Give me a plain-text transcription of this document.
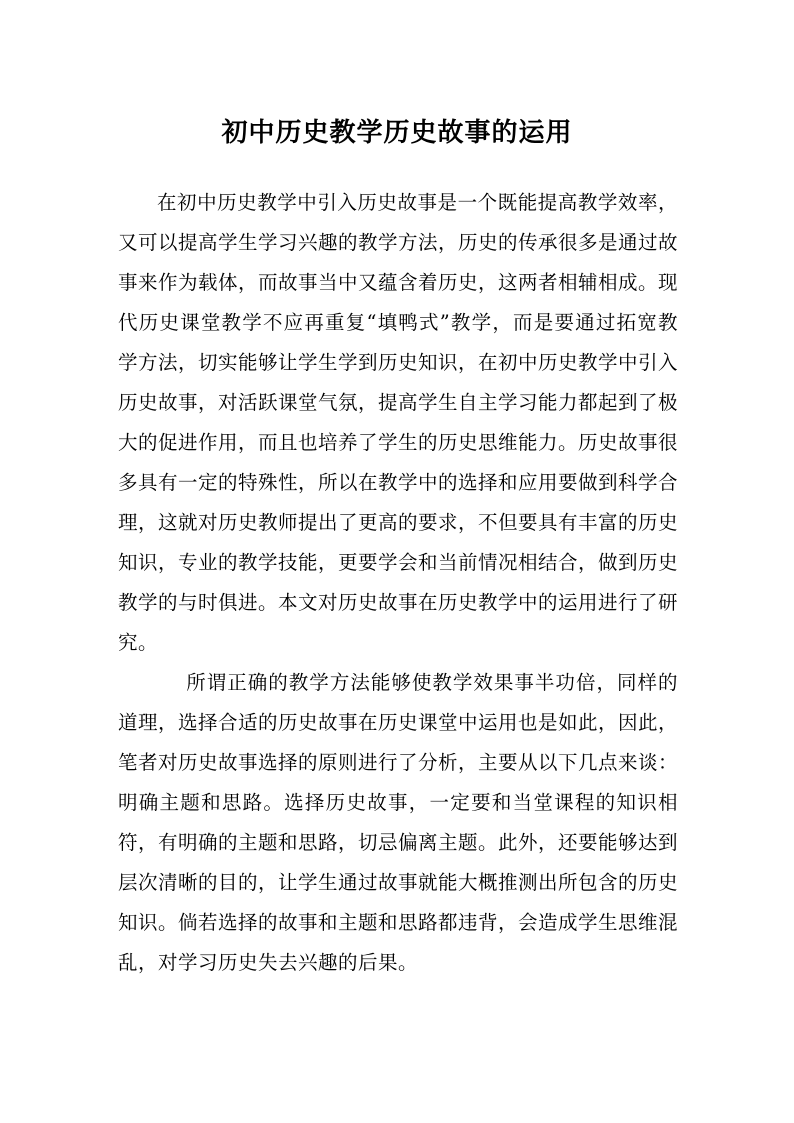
初中历史教学历史故事的运用

在初中历史教学中引入历史故事是一个既能提高教学效率，又可以提高学生学习兴趣的教学方法，历史的传承很多是通过故事来作为载体，而故事当中又蕴含着历史，这两者相辅相成。现代历史课堂教学不应再重复“填鸭式”教学，而是要通过拓宽教学方法，切实能够让学生学到历史知识，在初中历史教学中引入历史故事，对活跃课堂气氛，提高学生自主学习能力都起到了极大的促进作用，而且也培养了学生的历史思维能力。历史故事很多具有一定的特殊性，所以在教学中的选择和应用要做到科学合理，这就对历史教师提出了更高的要求，不但要具有丰富的历史知识，专业的教学技能，更要学会和当前情况相结合，做到历史教学的与时俱进。本文对历史故事在历史教学中的运用进行了研究。

所谓正确的教学方法能够使教学效果事半功倍，同样的道理，选择合适的历史故事在历史课堂中运用也是如此，因此，笔者对历史故事选择的原则进行了分析，主要从以下几点来谈：明确主题和思路。选择历史故事，一定要和当堂课程的知识相符，有明确的主题和思路，切忌偏离主题。此外，还要能够达到层次清晰的目的，让学生通过故事就能大概推测出所包含的历史知识。倘若选择的故事和主题和思路都违背，会造成学生思维混乱，对学习历史失去兴趣的后果。
